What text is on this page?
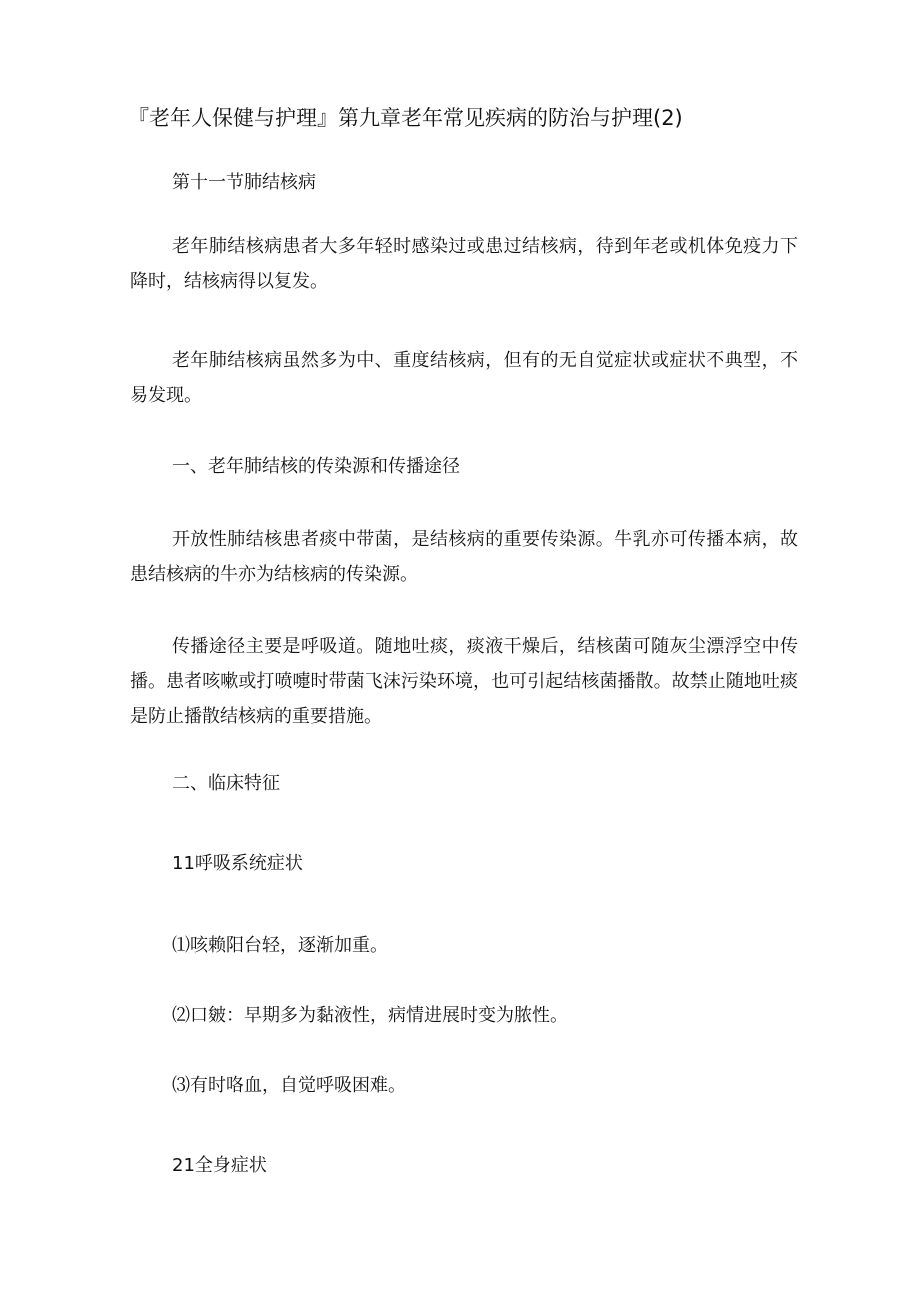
『老年人保健与护理』第九章老年常见疾病的防治与护理(2)
第十一节肺结核病

老年肺结核病患者大多年轻时感染过或患过结核病，待到年老或机体免疫力下降时，结核病得以复发。

老年肺结核病虽然多为中、重度结核病，但有的无自觉症状或症状不典型，不易发现。

一、老年肺结核的传染源和传播途径

开放性肺结核患者痰中带菌，是结核病的重要传染源。牛乳亦可传播本病，故患结核病的牛亦为结核病的传染源。

传播途径主要是呼吸道。随地吐痰，痰液干燥后，结核菌可随灰尘漂浮空中传播。患者咳嗽或打喷嚏时带菌飞沫污染环境，也可引起结核菌播散。故禁止随地吐痰是防止播散结核病的重要措施。

二、临床特征
11呼吸系统症状
⑴咳赖阳台轻，逐渐加重。
⑵口皴：早期多为黏液性，病情进展时变为脓性。
⑶有时咯血，自觉呼吸困难。
21全身症状
